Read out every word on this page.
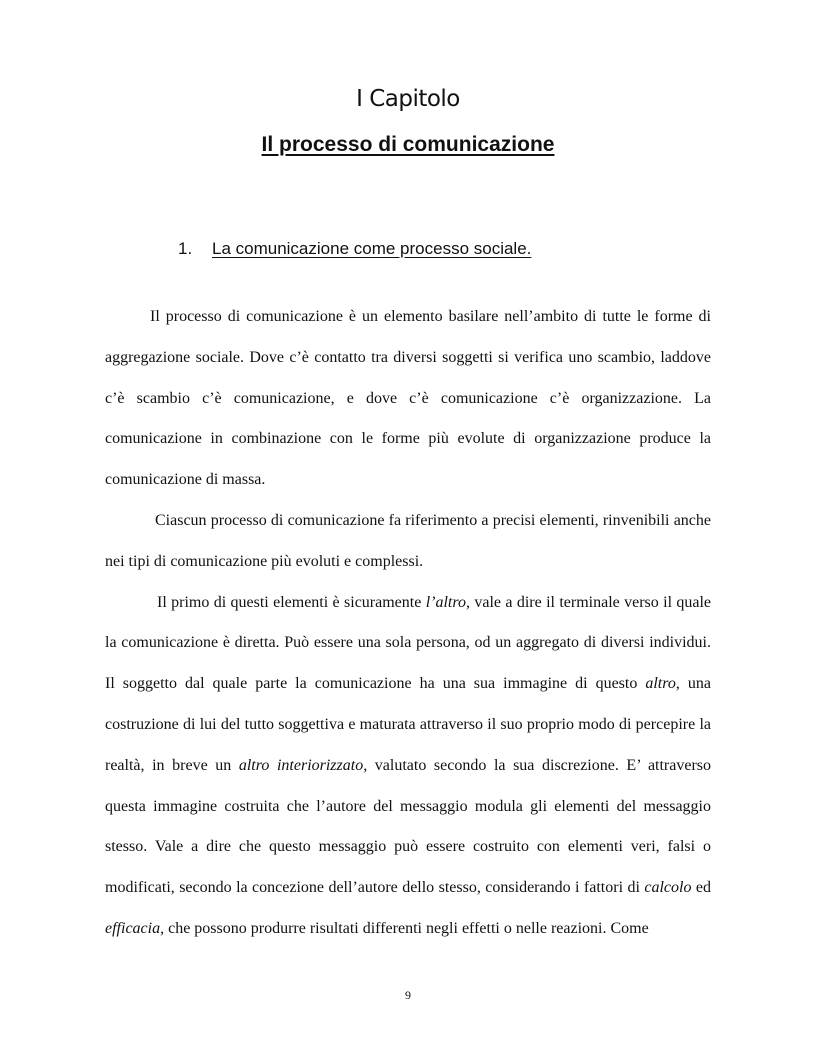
I Capitolo
Il processo di comunicazione
1. La comunicazione come processo sociale.

Il processo di comunicazione è un elemento basilare nell’ambito di tutte le forme di aggregazione sociale. Dove c’è contatto tra diversi soggetti si verifica uno scambio, laddove c’è scambio c’è comunicazione, e dove c’è comunicazione c’è organizzazione. La comunicazione in combinazione con le forme più evolute di organizzazione produce la comunicazione di massa.

Ciascun processo di comunicazione fa riferimento a precisi elementi, rinvenibili anche nei tipi di comunicazione più evoluti e complessi.

Il primo di questi elementi è sicuramente l’altro, vale a dire il terminale verso il quale la comunicazione è diretta. Può essere una sola persona, od un aggregato di diversi individui. Il soggetto dal quale parte la comunicazione ha una sua immagine di questo altro, una costruzione di lui del tutto soggettiva e maturata attraverso il suo proprio modo di percepire la realtà, in breve un altro interiorizzato, valutato secondo la sua discrezione. E’ attraverso questa immagine costruita che l’autore del messaggio modula gli elementi del messaggio stesso. Vale a dire che questo messaggio può essere costruito con elementi veri, falsi o modificati, secondo la concezione dell’autore dello stesso, considerando i fattori di calcolo ed efficacia, che possono produrre risultati differenti negli effetti o nelle reazioni. Come

9
